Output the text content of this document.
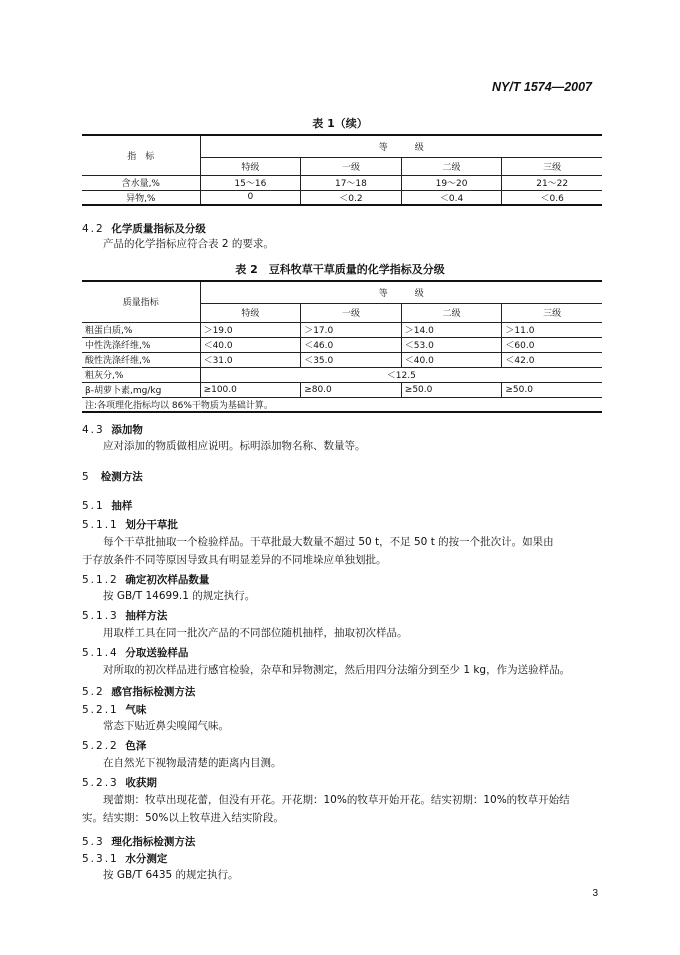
NY/T 1574—2007
表 1（续）
指　标	等　　　级			
	特级	一级	二级	三级
含水量,%	15～16	17～18	19～20	21～22
异物,%	0	＜0.2	＜0.4	＜0.6
4.2 化学质量指标及分级
产品的化学指标应符合表 2 的要求。
表 2　豆科牧草干草质量的化学指标及分级
质量指标	等　　　级			
	特级	一级	二级	三级
粗蛋白质,%	＞19.0	＞17.0	＞14.0	＞11.0
中性洗涤纤维,%	＜40.0	＜46.0	＜53.0	＜60.0
酸性洗涤纤维,%	＜31.0	＜35.0	＜40.0	＜42.0
粗灰分,%	＜12.5			
β-胡萝卜素,mg/kg	≥100.0	≥80.0	≥50.0	≥50.0
注:各项理化指标均以 86%干物质为基础计算。				
4.3 添加物
应对添加的物质做相应说明。标明添加物名称、数量等。
5 检测方法
5.1 抽样
5.1.1 划分干草批
每个干草批抽取一个检验样品。干草批最大数量不超过 50 t，不足 50 t 的按一个批次计。如果由
于存放条件不同等原因导致具有明显差异的不同堆垛应单独划批。
5.1.2 确定初次样品数量
按 GB/T 14699.1 的规定执行。
5.1.3 抽样方法
用取样工具在同一批次产品的不同部位随机抽样，抽取初次样品。
5.1.4 分取送验样品
对所取的初次样品进行感官检验，杂草和异物测定，然后用四分法缩分到至少 1 kg，作为送验样品。
5.2 感官指标检测方法
5.2.1 气味
常态下贴近鼻尖嗅闻气味。
5.2.2 色泽
在自然光下视物最清楚的距离内目测。
5.2.3 收获期
现蕾期：牧草出现花蕾，但没有开花。开花期：10%的牧草开始开花。结实初期：10%的牧草开始结
实。结实期：50%以上牧草进入结实阶段。
5.3 理化指标检测方法
5.3.1 水分测定
按 GB/T 6435 的规定执行。
3
